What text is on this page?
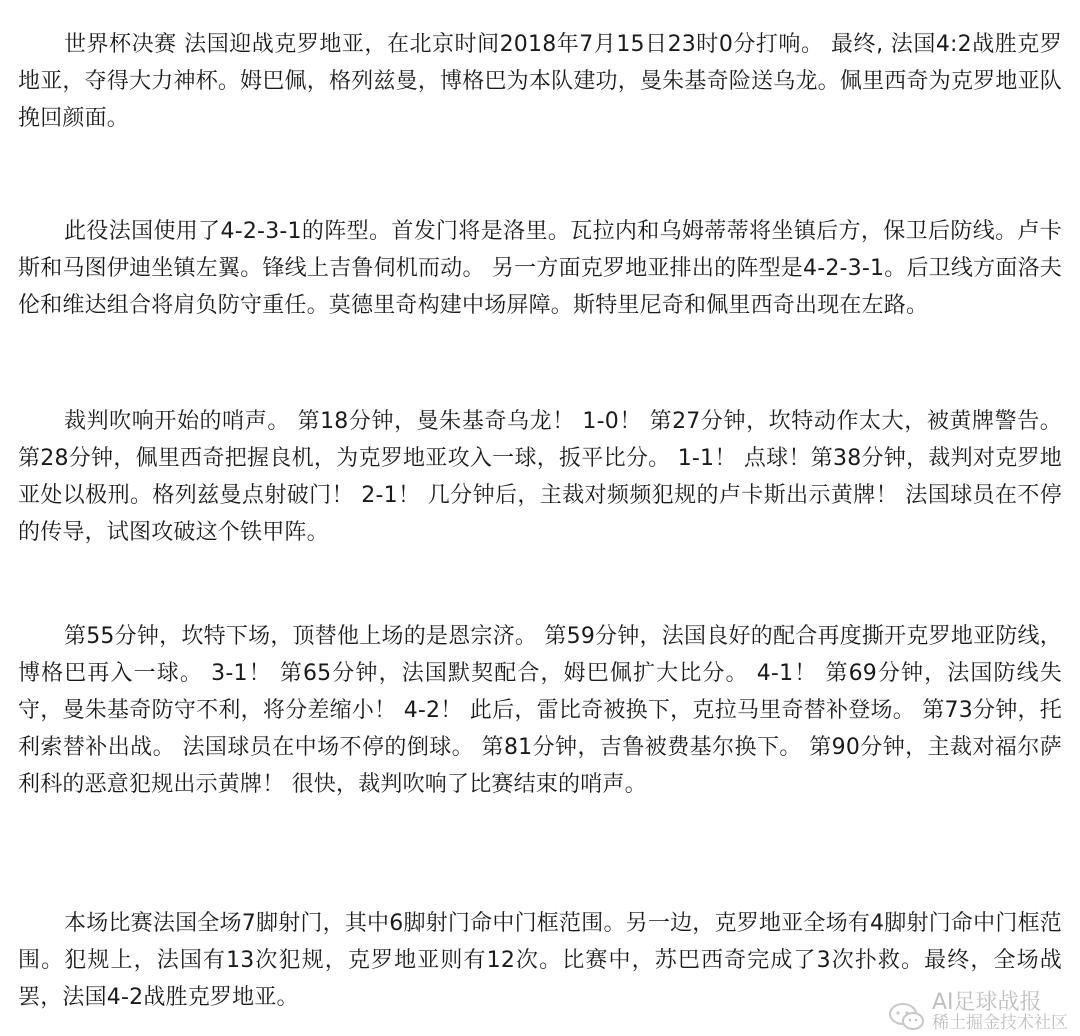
世界杯决赛 法国迎战克罗地亚，在北京时间2018年7月15日23时0分打响。 最终, 法国4:2战胜克罗地亚，夺得大力神杯。姆巴佩，格列兹曼，博格巴为本队建功，曼朱基奇险送乌龙。佩里西奇为克罗地亚队挽回颜面。

此役法国使用了4-2-3-1的阵型。首发门将是洛里。瓦拉内和乌姆蒂蒂将坐镇后方，保卫后防线。卢卡斯和马图伊迪坐镇左翼。锋线上吉鲁伺机而动。 另一方面克罗地亚排出的阵型是4-2-3-1。后卫线方面洛夫伦和维达组合将肩负防守重任。莫德里奇构建中场屏障。斯特里尼奇和佩里西奇出现在左路。

裁判吹响开始的哨声。 第18分钟，曼朱基奇乌龙！ 1-0！ 第27分钟，坎特动作太大，被黄牌警告。 第28分钟，佩里西奇把握良机，为克罗地亚攻入一球，扳平比分。 1-1！ 点球！第38分钟，裁判对克罗地亚处以极刑。格列兹曼点射破门！ 2-1！ 几分钟后，主裁对频频犯规的卢卡斯出示黄牌！ 法国球员在不停的传导，试图攻破这个铁甲阵。

第55分钟，坎特下场，顶替他上场的是恩宗济。 第59分钟，法国良好的配合再度撕开克罗地亚防线，博格巴再入一球。 3-1！ 第65分钟，法国默契配合，姆巴佩扩大比分。 4-1！ 第69分钟，法国防线失守，曼朱基奇防守不利，将分差缩小！ 4-2！ 此后，雷比奇被换下，克拉马里奇替补登场。 第73分钟，托利索替补出战。 法国球员在中场不停的倒球。 第81分钟，吉鲁被费基尔换下。 第90分钟，主裁对福尔萨利科的恶意犯规出示黄牌！ 很快，裁判吹响了比赛结束的哨声。

本场比赛法国全场7脚射门，其中6脚射门命中门框范围。另一边，克罗地亚全场有4脚射门命中门框范围。犯规上，法国有13次犯规，克罗地亚则有12次。比赛中，苏巴西奇完成了3次扑救。最终，全场战罢，法国4-2战胜克罗地亚。	AI足球战报
稀土掘金技术社区
